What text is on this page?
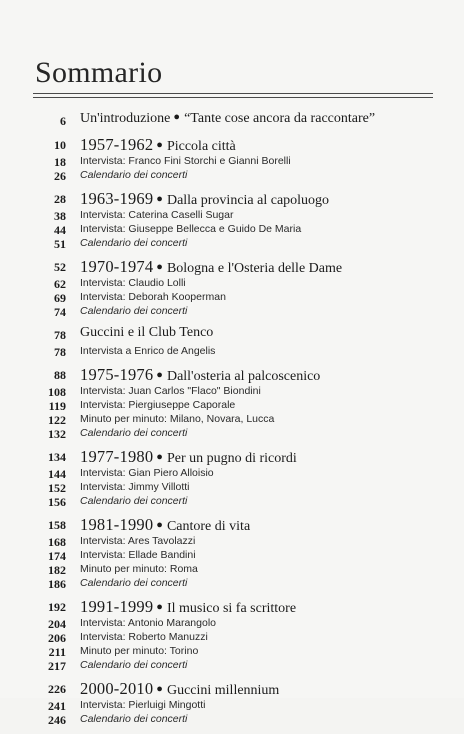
Sommario
6 Un'introduzione ● “Tante cose ancora da raccontare”
10 1957-1962 ● Piccola città
18 Intervista: Franco Fini Storchi e Gianni Borelli
26 Calendario dei concerti
28 1963-1969 ● Dalla provincia al capoluogo
38 Intervista: Caterina Caselli Sugar
44 Intervista: Giuseppe Bellecca e Guido De Maria
51 Calendario dei concerti
52 1970-1974 ● Bologna e l'Osteria delle Dame
62 Intervista: Claudio Lolli
69 Intervista: Deborah Kooperman
74 Calendario dei concerti
78 Guccini e il Club Tenco
78 Intervista a Enrico de Angelis
88 1975-1976 ● Dall'osteria al palcoscenico
108 Intervista: Juan Carlos "Flaco" Biondini
119 Intervista: Piergiuseppe Caporale
122 Minuto per minuto: Milano, Novara, Lucca
132 Calendario dei concerti
134 1977-1980 ● Per un pugno di ricordi
144 Intervista: Gian Piero Alloisio
152 Intervista: Jimmy Villotti
156 Calendario dei concerti
158 1981-1990 ● Cantore di vita
168 Intervista: Ares Tavolazzi
174 Intervista: Ellade Bandini
182 Minuto per minuto: Roma
186 Calendario dei concerti
192 1991-1999 ● Il musico si fa scrittore
204 Intervista: Antonio Marangolo
206 Intervista: Roberto Manuzzi
211 Minuto per minuto: Torino
217 Calendario dei concerti
226 2000-2010 ● Guccini millennium
241 Intervista: Pierluigi Mingotti
246 Calendario dei concerti
